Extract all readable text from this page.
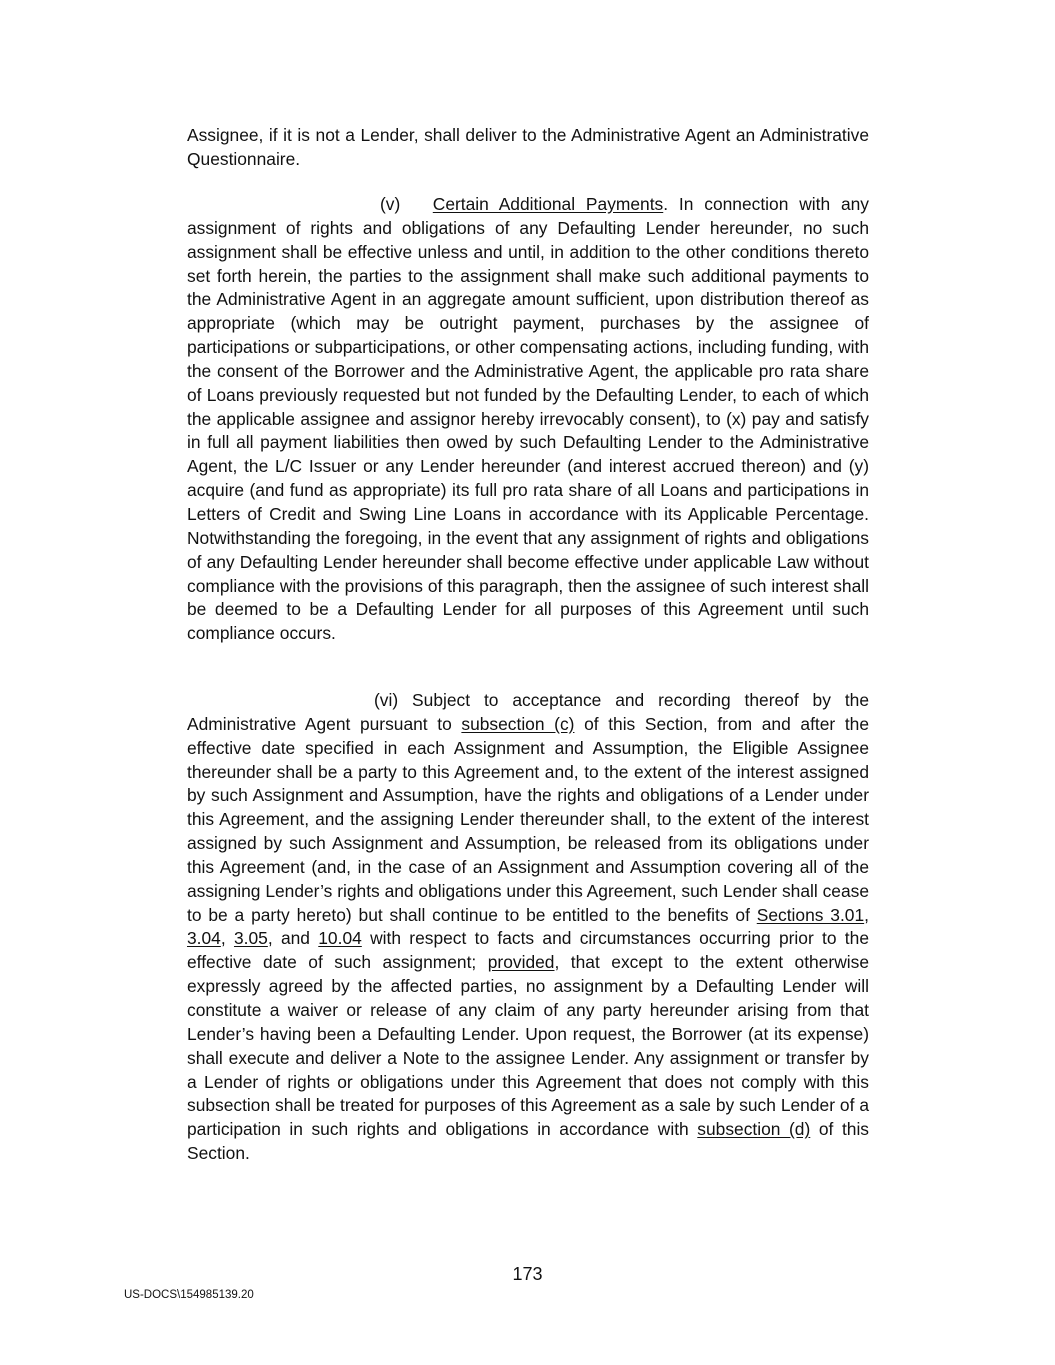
Assignee, if it is not a Lender, shall deliver to the Administrative Agent an Administrative Questionnaire.

(v) Certain Additional Payments. In connection with any assignment of rights and obligations of any Defaulting Lender hereunder, no such assignment shall be effective unless and until, in addition to the other conditions thereto set forth herein, the parties to the assignment shall make such additional payments to the Administrative Agent in an aggregate amount sufficient, upon distribution thereof as appropriate (which may be outright payment, purchases by the assignee of participations or subparticipations, or other compensating actions, including funding, with the consent of the Borrower and the Administrative Agent, the applicable pro rata share of Loans previously requested but not funded by the Defaulting Lender, to each of which the applicable assignee and assignor hereby irrevocably consent), to (x) pay and satisfy in full all payment liabilities then owed by such Defaulting Lender to the Administrative Agent, the L/C Issuer or any Lender hereunder (and interest accrued thereon) and (y) acquire (and fund as appropriate) its full pro rata share of all Loans and participations in Letters of Credit and Swing Line Loans in accordance with its Applicable Percentage. Notwithstanding the foregoing, in the event that any assignment of rights and obligations of any Defaulting Lender hereunder shall become effective under applicable Law without compliance with the provisions of this paragraph, then the assignee of such interest shall be deemed to be a Defaulting Lender for all purposes of this Agreement until such compliance occurs.

(vi) Subject to acceptance and recording thereof by the Administrative Agent pursuant to subsection (c) of this Section, from and after the effective date specified in each Assignment and Assumption, the Eligible Assignee thereunder shall be a party to this Agreement and, to the extent of the interest assigned by such Assignment and Assumption, have the rights and obligations of a Lender under this Agreement, and the assigning Lender thereunder shall, to the extent of the interest assigned by such Assignment and Assumption, be released from its obligations under this Agreement (and, in the case of an Assignment and Assumption covering all of the assigning Lender’s rights and obligations under this Agreement, such Lender shall cease to be a party hereto) but shall continue to be entitled to the benefits of Sections 3.01, 3.04, 3.05, and 10.04 with respect to facts and circumstances occurring prior to the effective date of such assignment; provided, that except to the extent otherwise expressly agreed by the affected parties, no assignment by a Defaulting Lender will constitute a waiver or release of any claim of any party hereunder arising from that Lender’s having been a Defaulting Lender. Upon request, the Borrower (at its expense) shall execute and deliver a Note to the assignee Lender. Any assignment or transfer by a Lender of rights or obligations under this Agreement that does not comply with this subsection shall be treated for purposes of this Agreement as a sale by such Lender of a participation in such rights and obligations in accordance with subsection (d) of this Section.

173

US-DOCS\154985139.20
